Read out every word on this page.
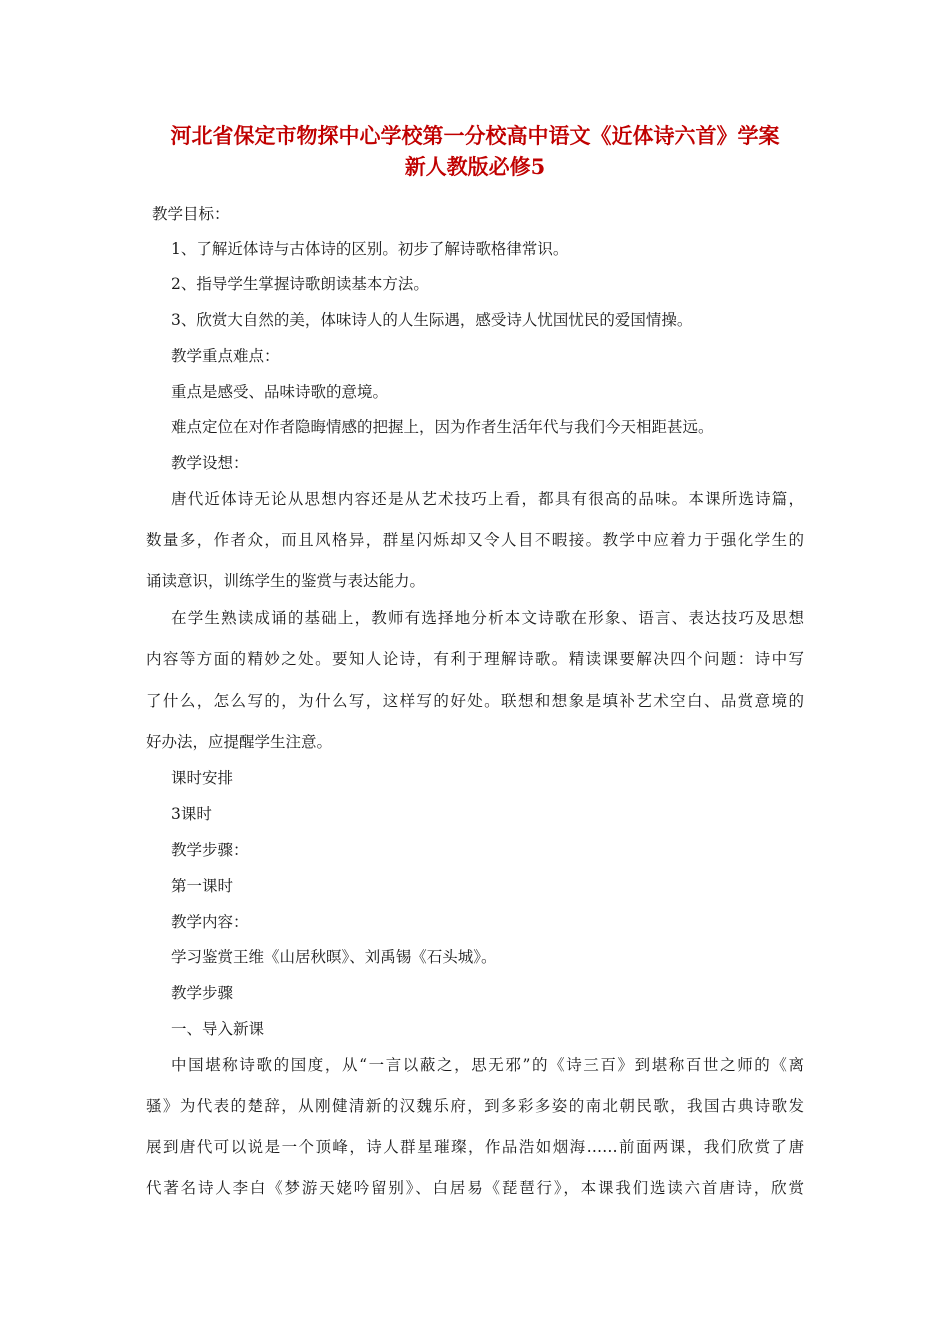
河北省保定市物探中心学校第一分校高中语文《近体诗六首》学案
新人教版必修5
教学目标：
1、了解近体诗与古体诗的区别。初步了解诗歌格律常识。
2、指导学生掌握诗歌朗读基本方法。
3、欣赏大自然的美，体味诗人的人生际遇，感受诗人忧国忧民的爱国情操。
教学重点难点：
重点是感受、品味诗歌的意境。
难点定位在对作者隐晦情感的把握上，因为作者生活年代与我们今天相距甚远。
教学设想：
唐代近体诗无论从思想内容还是从艺术技巧上看，都具有很高的品味。本课所选诗篇，
数量多，作者众，而且风格异，群星闪烁却又令人目不暇接。教学中应着力于强化学生的
诵读意识，训练学生的鉴赏与表达能力。
在学生熟读成诵的基础上，教师有选择地分析本文诗歌在形象、语言、表达技巧及思想
内容等方面的精妙之处。要知人论诗，有利于理解诗歌。精读课要解决四个问题：诗中写
了什么，怎么写的，为什么写，这样写的好处。联想和想象是填补艺术空白、品赏意境的
好办法，应提醒学生注意。
课时安排
3课时
教学步骤：
第一课时
教学内容：
学习鉴赏王维《山居秋暝》、刘禹锡《石头城》。
教学步骤
一、导入新课
中国堪称诗歌的国度，从“一言以蔽之，思无邪”的《诗三百》到堪称百世之师的《离
骚》为代表的楚辞，从刚健清新的汉魏乐府，到多彩多姿的南北朝民歌，我国古典诗歌发
展到唐代可以说是一个顶峰，诗人群星璀璨，作品浩如烟海……前面两课，我们欣赏了唐
代著名诗人李白《梦游天姥吟留别》、白居易《琵琶行》，本课我们选读六首唐诗，欣赏
